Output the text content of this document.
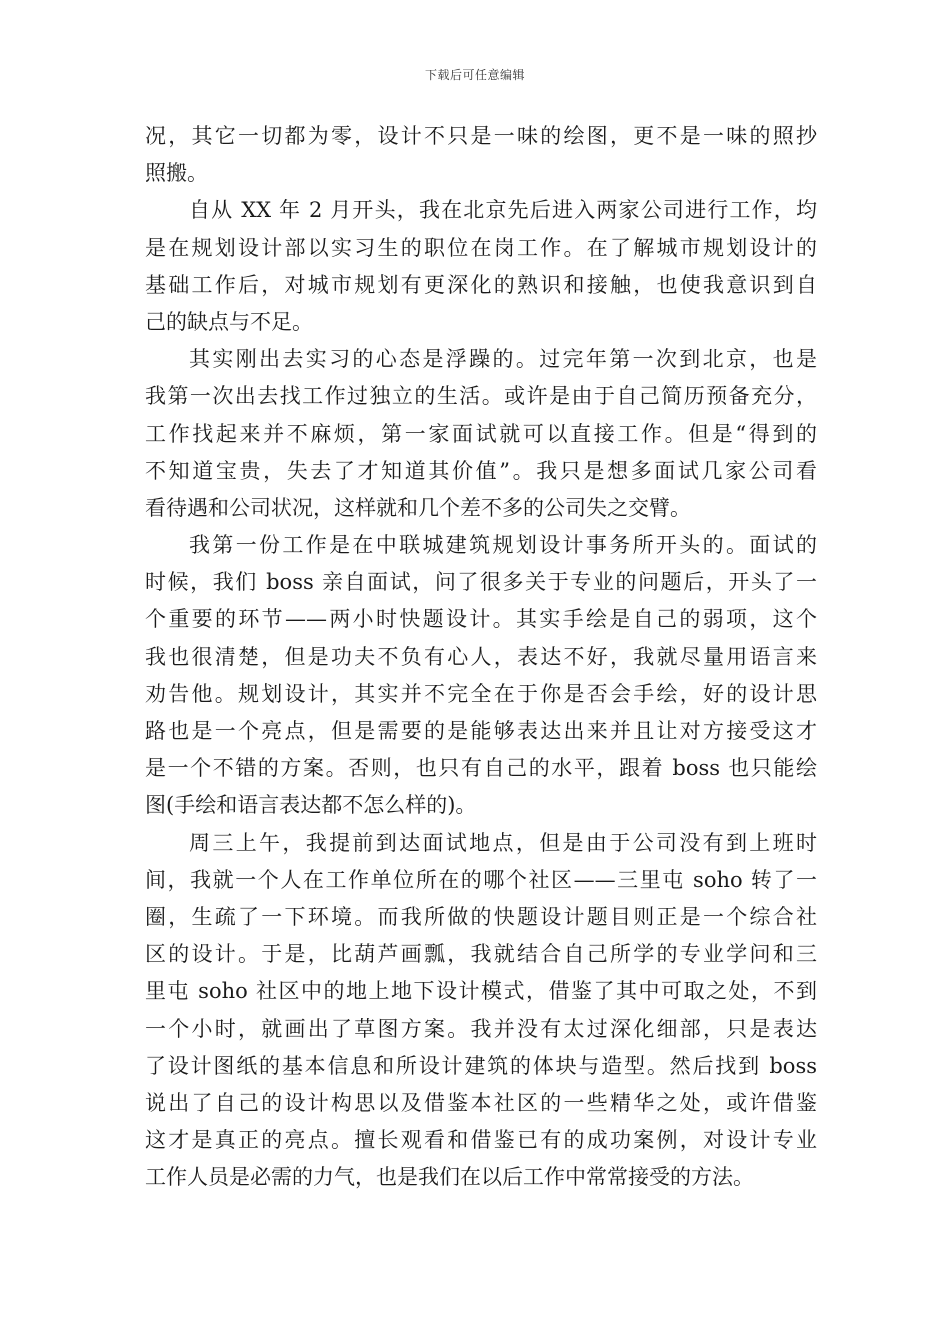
下载后可任意编辑
况，其它一切都为零，设计不只是一味的绘图，更不是一味的照抄
照搬。
自从 XX 年 2 月开头，我在北京先后进入两家公司进行工作，均
是在规划设计部以实习生的职位在岗工作。在了解城市规划设计的
基础工作后，对城市规划有更深化的熟识和接触，也使我意识到自
己的缺点与不足。
其实刚出去实习的心态是浮躁的。过完年第一次到北京，也是
我第一次出去找工作过独立的生活。或许是由于自己简历预备充分，
工作找起来并不麻烦，第一家面试就可以直接工作。但是“得到的
不知道宝贵，失去了才知道其价值”。我只是想多面试几家公司看
看待遇和公司状况，这样就和几个差不多的公司失之交臂。
我第一份工作是在中联城建筑规划设计事务所开头的。面试的
时候，我们 boss 亲自面试，问了很多关于专业的问题后，开头了一
个重要的环节——两小时快题设计。其实手绘是自己的弱项，这个
我也很清楚，但是功夫不负有心人，表达不好，我就尽量用语言来
劝告他。规划设计，其实并不完全在于你是否会手绘，好的设计思
路也是一个亮点，但是需要的是能够表达出来并且让对方接受这才
是一个不错的方案。否则，也只有自己的水平，跟着 boss 也只能绘
图(手绘和语言表达都不怎么样的)。
周三上午，我提前到达面试地点，但是由于公司没有到上班时
间，我就一个人在工作单位所在的哪个社区——三里屯 soho 转了一
圈，生疏了一下环境。而我所做的快题设计题目则正是一个综合社
区的设计。于是，比葫芦画瓢，我就结合自己所学的专业学问和三
里屯 soho 社区中的地上地下设计模式，借鉴了其中可取之处，不到
一个小时，就画出了草图方案。我并没有太过深化细部，只是表达
了设计图纸的基本信息和所设计建筑的体块与造型。然后找到 boss
说出了自己的设计构思以及借鉴本社区的一些精华之处，或许借鉴
这才是真正的亮点。擅长观看和借鉴已有的成功案例，对设计专业
工作人员是必需的力气，也是我们在以后工作中常常接受的方法。
